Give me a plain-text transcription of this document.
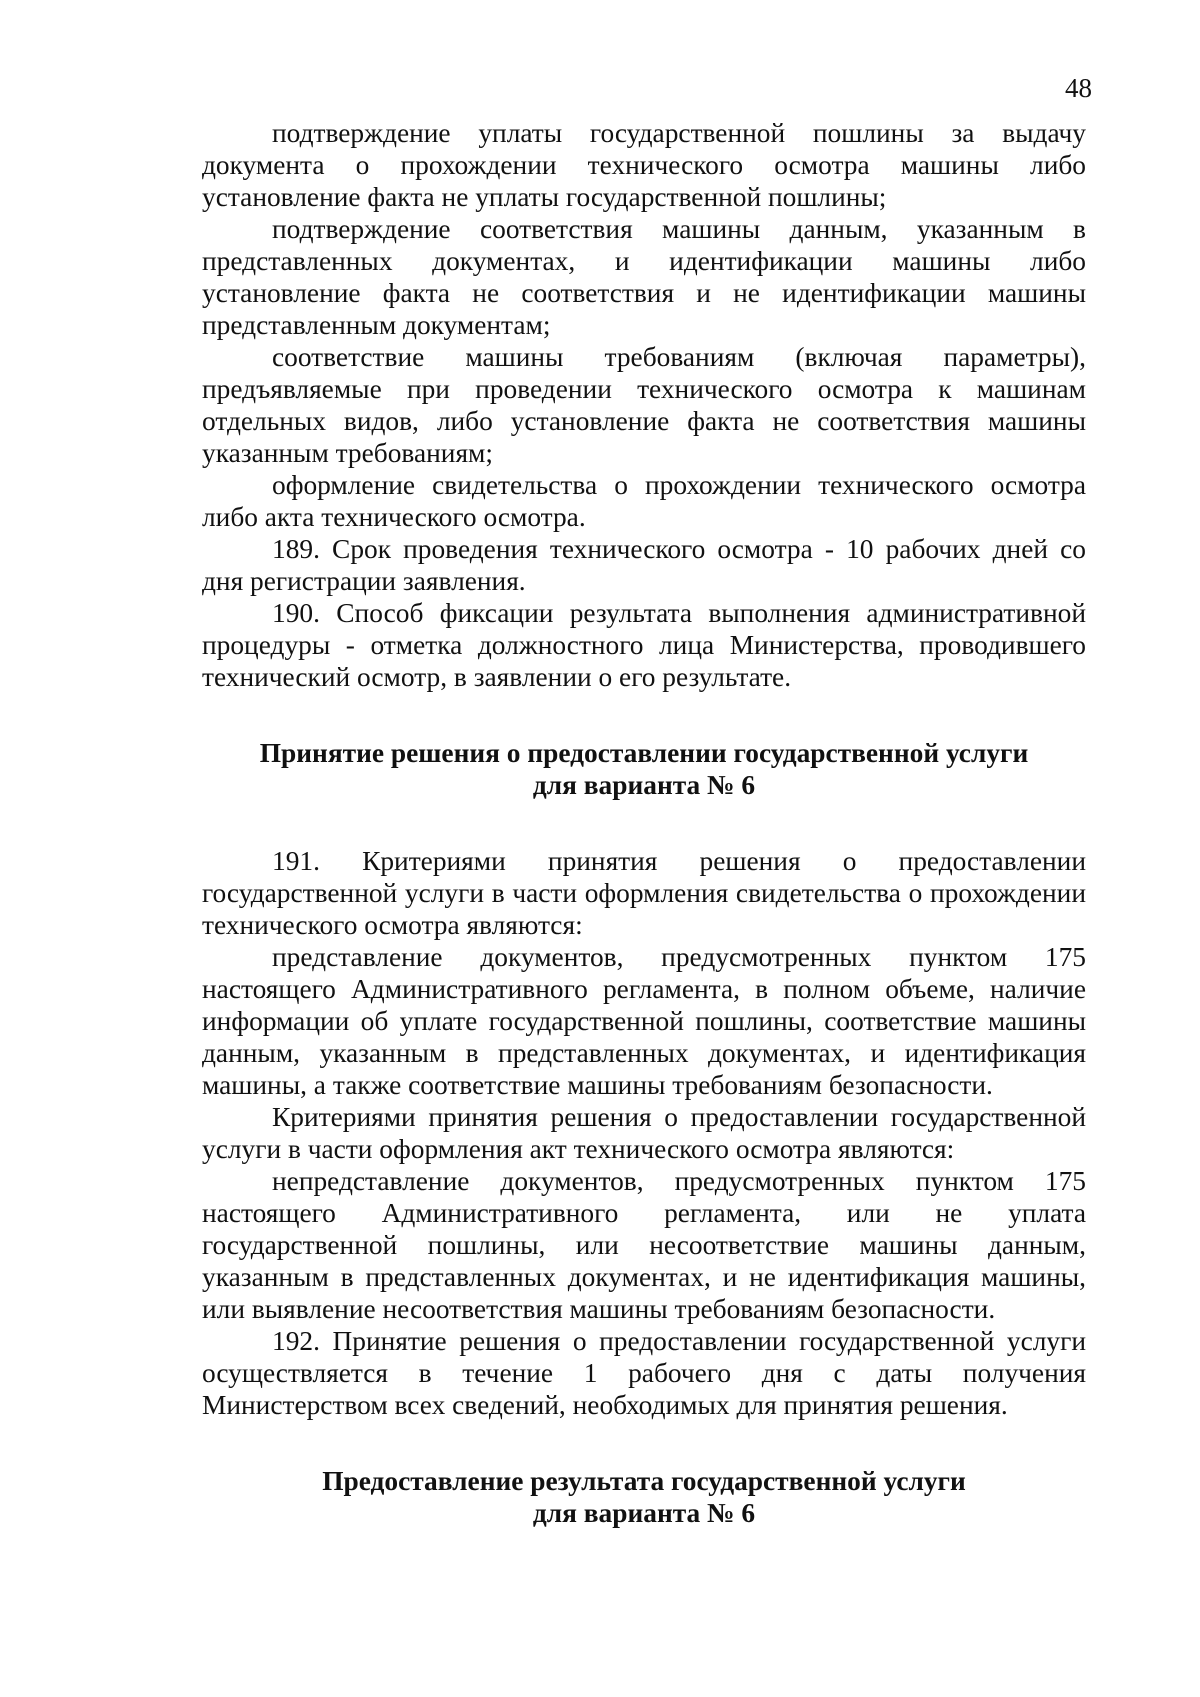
48

подтверждение уплаты государственной пошлины за выдачу документа о прохождении технического осмотра машины либо установление факта не уплаты государственной пошлины;

подтверждение соответствия машины данным, указанным в представленных документах, и идентификации машины либо установление факта не соответствия и не идентификации машины представленным документам;

соответствие машины требованиям (включая параметры), предъявляемые при проведении технического осмотра к машинам отдельных видов, либо установление факта не соответствия машины указанным требованиям;

оформление свидетельства о прохождении технического осмотра либо акта технического осмотра.

189. Срок проведения технического осмотра - 10 рабочих дней со дня регистрации заявления.

190. Способ фиксации результата выполнения административной процедуры - отметка должностного лица Министерства, проводившего технический осмотр, в заявлении о его результате.

Принятие решения о предоставлении государственной услуги
для варианта № 6

191. Критериями принятия решения о предоставлении государственной услуги в части оформления свидетельства о прохождении технического осмотра являются:

представление документов, предусмотренных пунктом 175 настоящего Административного регламента, в полном объеме, наличие информации об уплате государственной пошлины, соответствие машины данным, указанным в представленных документах, и идентификация машины, а также соответствие машины требованиям безопасности.

Критериями принятия решения о предоставлении государственной услуги в части оформления акт технического осмотра являются:

непредставление документов, предусмотренных пунктом 175 настоящего Административного регламента, или не уплата государственной пошлины, или несоответствие машины данным, указанным в представленных документах, и не идентификация машины, или выявление несоответствия машины требованиям безопасности.

192. Принятие решения о предоставлении государственной услуги осуществляется в течение 1 рабочего дня с даты получения Министерством всех сведений, необходимых для принятия решения.

Предоставление результата государственной услуги
для варианта № 6
